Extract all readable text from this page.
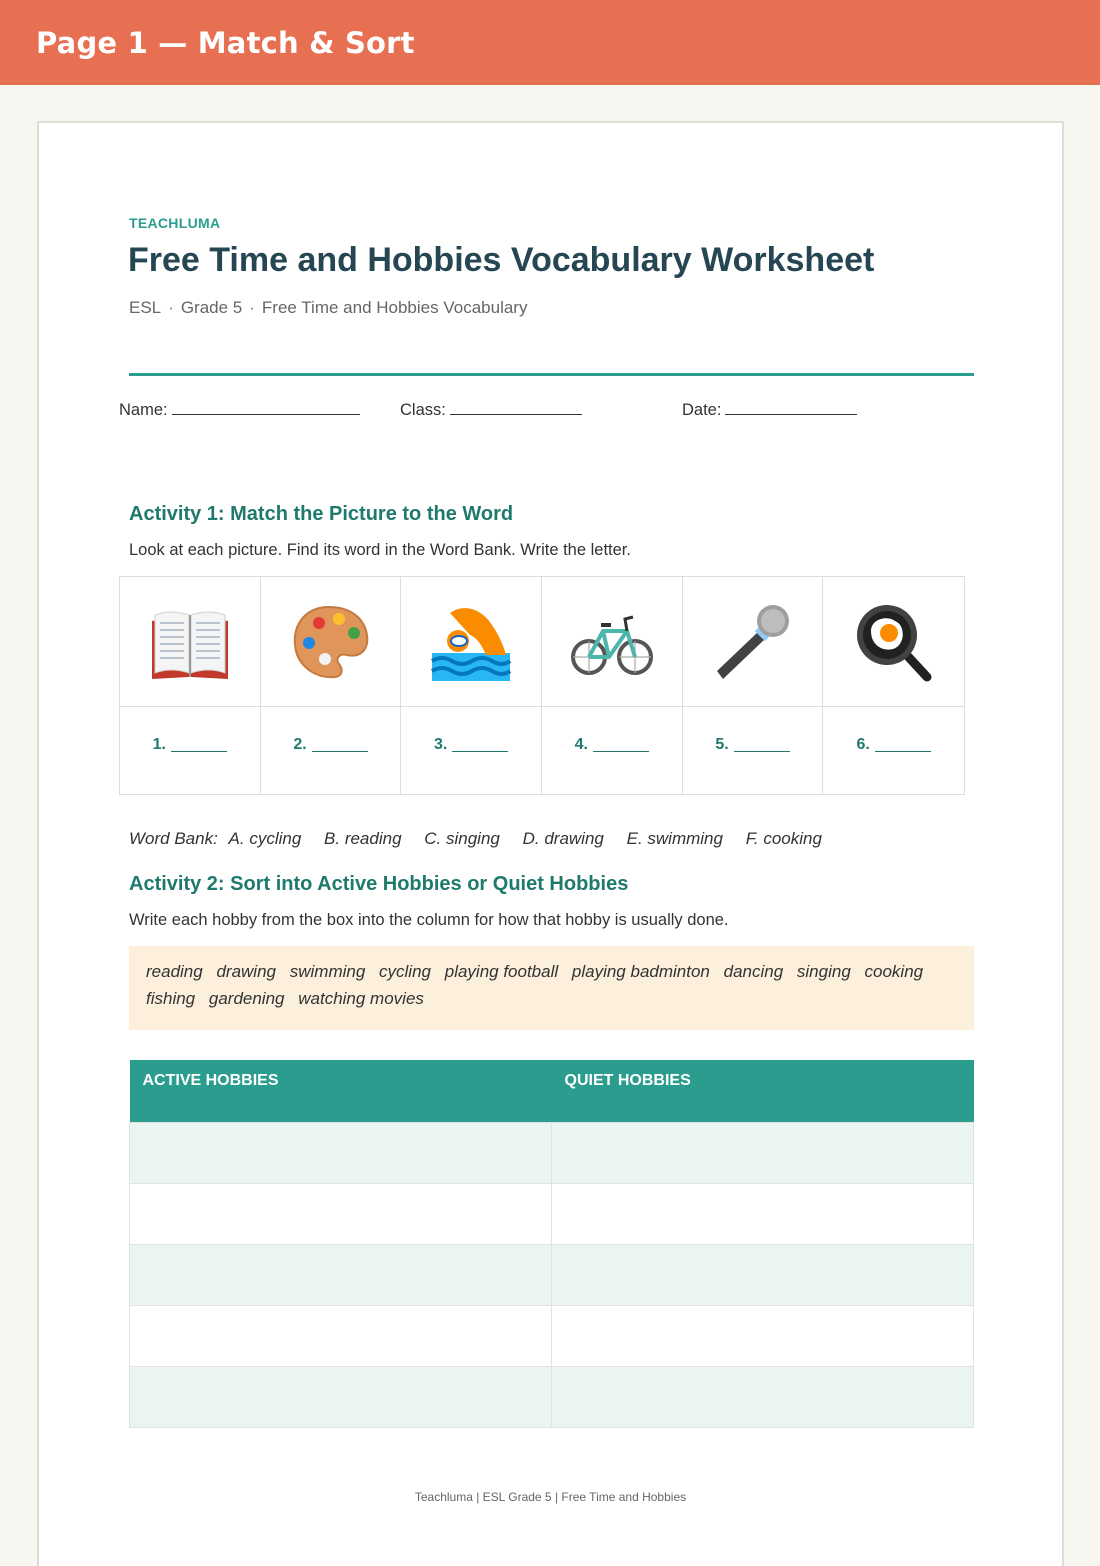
Page 1 — Match & Sort
TEACHLUMA
Free Time and Hobbies Vocabulary Worksheet
ESL · Grade 5 · Free Time and Hobbies Vocabulary
Name:	Class:	Date:
Activity 1: Match the Picture to the Word
Look at each picture. Find its word in the Word Bank. Write the letter.
1.	2.	3.	4.	5.	6.
Word Bank: A. cycling B. reading C. singing D. drawing E. swimming F. cooking
Activity 2: Sort into Active Hobbies or Quiet Hobbies
Write each hobby from the box into the column for how that hobby is usually done.
reading drawing swimming cycling playing football playing badminton dancing singing cooking fishing gardening watching movies
ACTIVE HOBBIES	QUIET HOBBIES

Teachluma | ESL Grade 5 | Free Time and Hobbies
